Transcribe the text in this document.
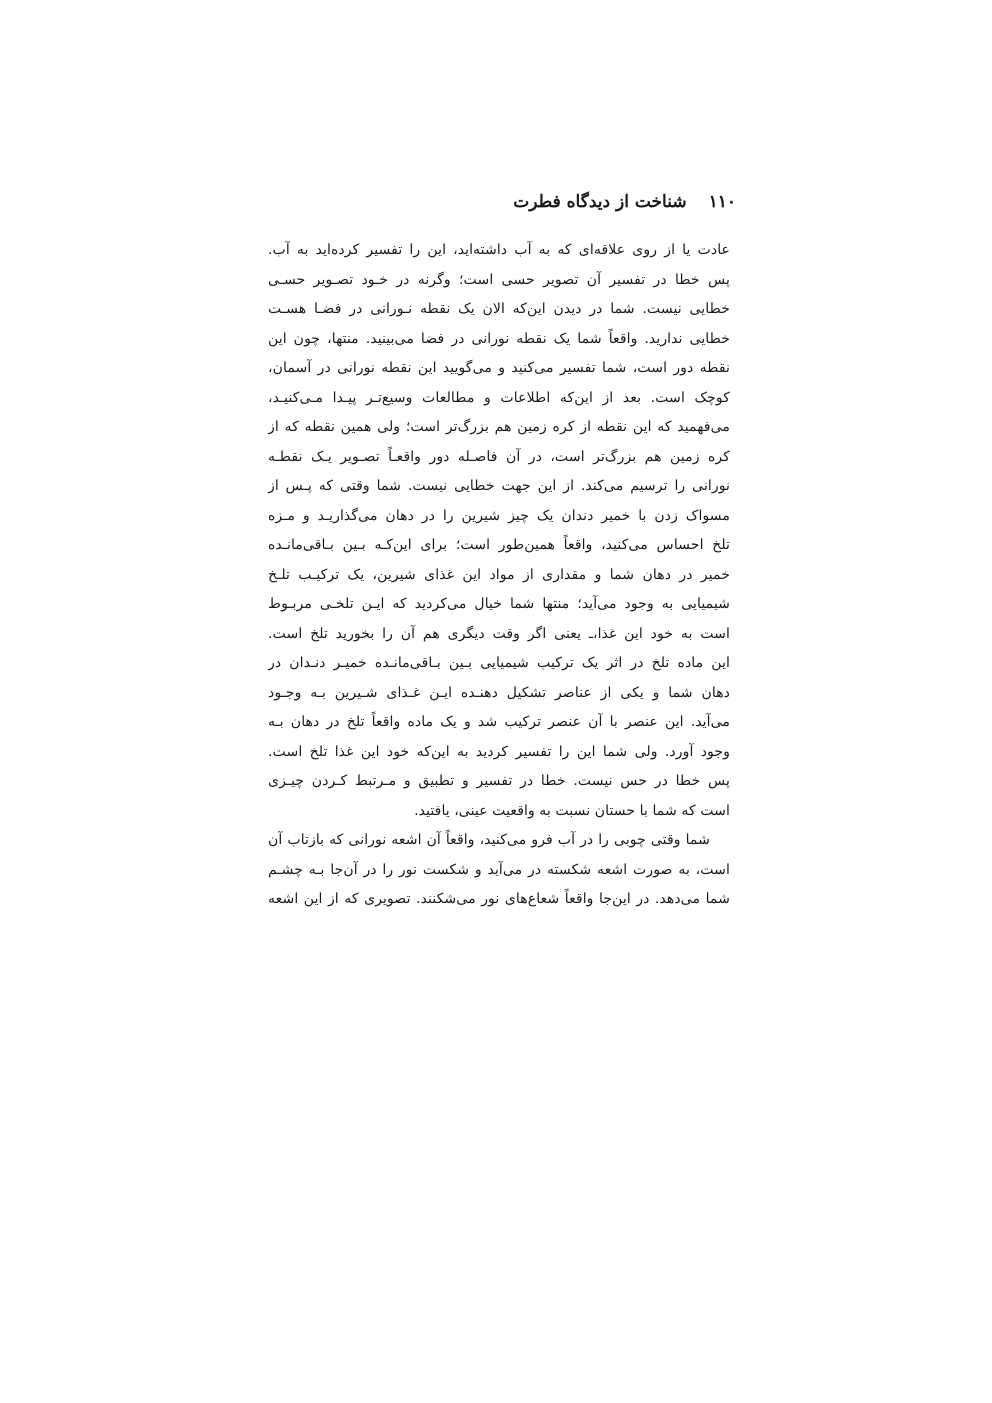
۱۱۰
شناخت از دیدگاه فطرت
عادت یا از روی علاقه‌ای که به آب داشته‌اید، این را تفسیر کرده‌اید به آب.
پس خطا در تفسیر آن تصویر حسی است؛ وگرنه در خـود تصـویر حسـی
خطایی نیست. شما در دیدن این‌که الان یک نقطه نـورانی در فضـا هسـت
خطایی ندارید. واقعاً شما یک نقطه نورانی در فضا می‌بینید. منتها، چون این
نقطه دور است، شما تفسیر می‌کنید و می‌گویید این نقطه نورانی در آسمان،
کوچک است. بعد از این‌که اطلاعات و مطالعات وسیع‌تـر پیـدا مـی‌کنیـد،
می‌فهمید که این نقطه از کره زمین هم بزرگ‌تر است؛ ولی همین نقطه که از
کره زمین هم بزرگ‌تر است، در آن فاصـله دور واقعـاً تصـویر یـک نقطـه
نورانی را ترسیم می‌کند. از این جهت خطایی نیست. شما وقتی که پـس از
مسواک زدن با خمیر دندان یک چیز شیرین را در دهان می‌گذاریـد و مـزه
تلخ احساس می‌کنید، واقعاً همین‌طور است؛ برای این‌کـه بـین بـاقی‌مانـده
خمیر در دهان شما و مقداری از مواد این غذای شیرین، یک ترکیـب تلـخ
شیمیایی به وجود می‌آید؛ منتها شما خیال می‌کردید که ایـن تلخـی مربـوط
است به خود این غذا،ـ یعنی اگر وقت دیگری هم آن را بخورید تلخ است.
این ماده تلخ در اثر یک ترکیب شیمیایی بـین بـاقی‌مانـده خمیـر دنـدان در
دهان شما و یکی از عناصر تشکیل دهنـده ایـن غـذای شـیرین بـه وجـود
می‌آید. این عنصر با آن عنصر ترکیب شد و یک ماده واقعاً تلخ در دهان بـه
وجود آورد. ولی شما این را تفسیر کردید به این‌که خود این غذا تلخ است.
پس خطا در حس نیست. خطا در تفسیر و تطبیق و مـرتبط کـردن چیـزی
است که شما با حستان نسبت به واقعیت عینی، یافتید.
شما وقتی چوبی را در آب فرو می‌کنید، واقعاً آن اشعه نورانی که بازتاب آن
است، به صورت اشعه شکسته در می‌آید و شکست نور را در آن‌جا بـه چشـم
شما می‌دهد. در این‌جا واقعاً شعاع‌های نور می‌شکنند. تصویری که از این اشعه
